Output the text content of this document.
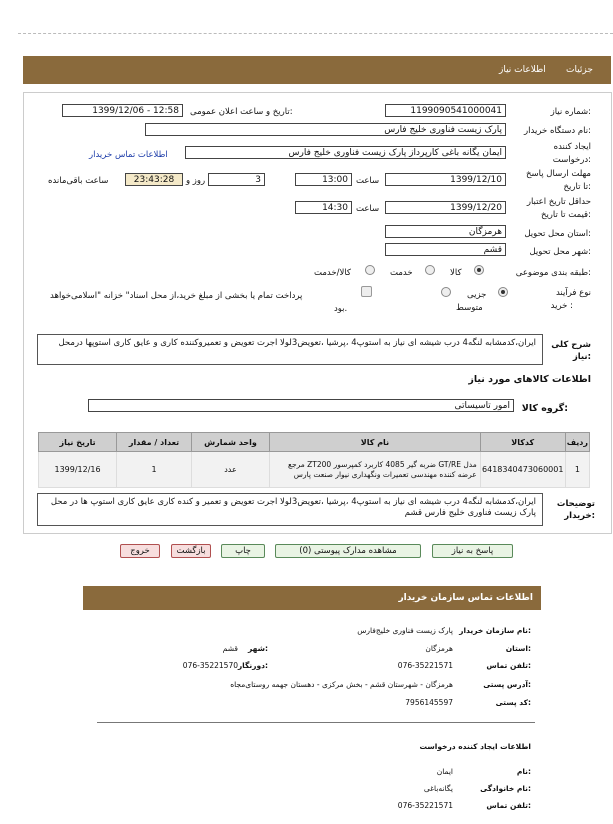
اطلاعات نیاز جزئیات
شماره نیاز:
1199090541000041
تاریخ و ساعت اعلان عمومی:
1399/12/06 - 12:58
نام دستگاه خریدار:
پارک زیست فناوری خلیج فارس
ایجاد کننده
درخواست:
ایمان یگانه باغی کارپرداز پارک زیست فناوری خلیج فارس
اطلاعات تماس خریدار
مهلت ارسال پاسخ
تا تاریخ:
1399/12/10
ساعت
13:00
3
روز و
23:43:28
ساعت باقی‌مانده
حداقل تاریخ اعتبار
قیمت تا تاریخ:
1399/12/20
ساعت
14:30
استان محل تحویل:
هرمزگان
شهر محل تحویل:
قشم
طبقه بندی موضوعی:
کالا
خدمت
کالا/خدمت
نوع فرآیند
خرید :
جزیی
متوسط
پرداخت تمام یا بخشی از مبلغ خرید،از محل اسناد" خزانه "اسلامی‌خواهد
بود.
شرح کلی
نیاز:
ایران،کدمشابه لنگه4 درب شیشه ای نیاز به استوپ4 ،پرشیا ،تعویض3لولا اجرت تعویض و تعمیروکننده کاری و عایق کاری استوپها درمحل
اطلاعات کالاهای مورد نیاز
گروه کالا:
امور تاسیساتی
تاریخ نیاز	تعداد / مقدار	واحد شمارش	نام کالا	کدکالا	ردیف
1399/12/16	1	عدد	مدل GT/RE ضربه گیر 4085 کاربرد کمپرسور ZT200 مرجع عرضه کننده مهندسی تعمیرات ونگهداری نیوار صنعت پارس	6418340473060001	1
توضیحات
خریدار:
ایران،کدمشابه لنگه4 درب شیشه ای نیاز به استوپ4 ،پرشیا ،تعویض3لولا اجرت تعویض و تعمیر و کنده کاری عایق کاری استوپ ها در محل پارک زیست فناوری خلیج فارس قشم
پاسخ به نیاز
مشاهده مدارک پیوستی (0)
چاپ
بازگشت
خروج
اطلاعات تماس سازمان خریدار
نام سازمان خریدار:
پارک زیست فناوری خلیج‌فارس
استان:
هرمزگان
شهر:
قشم
تلفن تماس:
076-35221571
دورنگار:
076-35221570
آدرس پستی:
هرمزگان - شهرستان قشم - بخش مرکزی - دهستان جهمه روستای‌مجاه
کد پستی:
7956145597
اطلاعات ایجاد کننده درخواست
نام:
ایمان
نام خانوادگی:
یگانه‌باغی
تلفن تماس:
076-35221571
